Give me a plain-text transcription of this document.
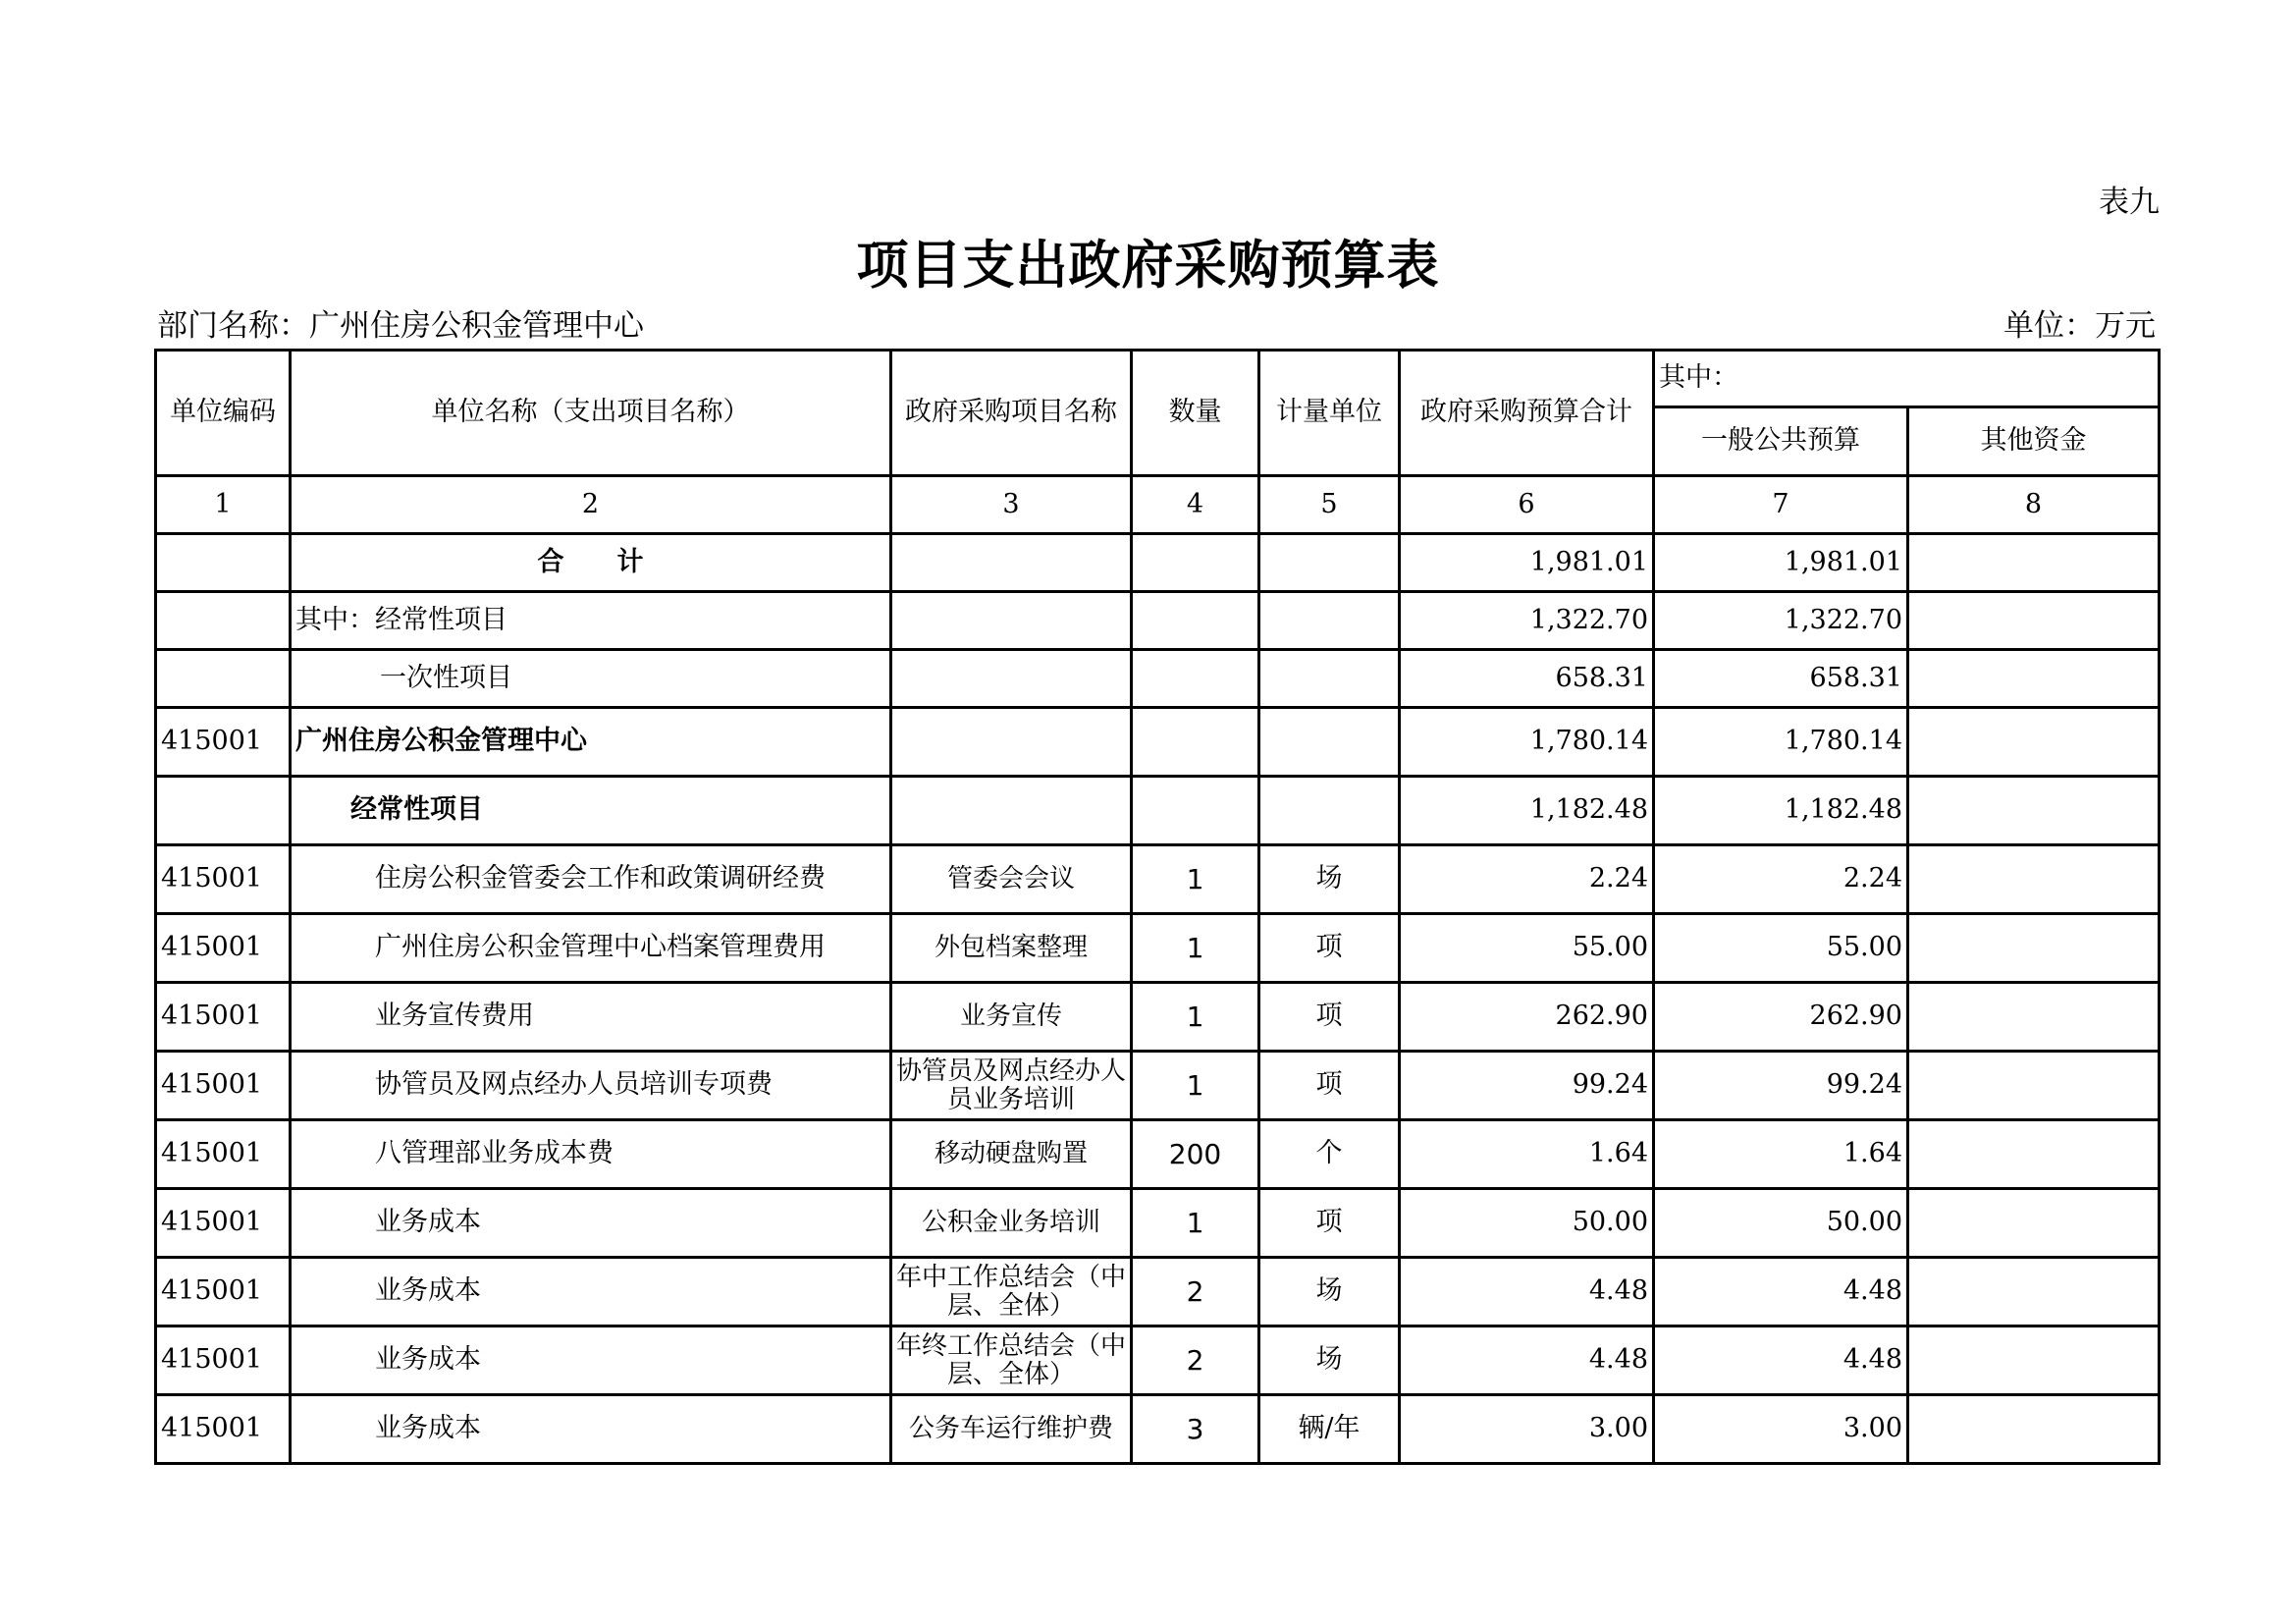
表九
项目支出政府采购预算表
部门名称：广州住房公积金管理中心	单位：万元
单位编码	单位名称（支出项目名称）	政府采购项目名称	数量	计量单位	政府采购预算合计	其中：	
						一般公共预算	其他资金
1	2	3	4	5	6	7	8
	合　　计				1,981.01	1,981.01	
	其中：经常性项目				1,322.70	1,322.70	
	一次性项目				658.31	658.31	
415001	广州住房公积金管理中心				1,780.14	1,780.14	
	经常性项目				1,182.48	1,182.48	
415001	住房公积金管委会工作和政策调研经费	管委会会议	1	场	2.24	2.24	
415001	广州住房公积金管理中心档案管理费用	外包档案整理	1	项	55.00	55.00	
415001	业务宣传费用	业务宣传	1	项	262.90	262.90	
415001	协管员及网点经办人员培训专项费	协管员及网点经办人员业务培训	1	项	99.24	99.24	
415001	八管理部业务成本费	移动硬盘购置	200	个	1.64	1.64	
415001	业务成本	公积金业务培训	1	项	50.00	50.00	
415001	业务成本	年中工作总结会（中层、全体）	2	场	4.48	4.48	
415001	业务成本	年终工作总结会（中层、全体）	2	场	4.48	4.48	
415001	业务成本	公务车运行维护费	3	辆/年	3.00	3.00	
